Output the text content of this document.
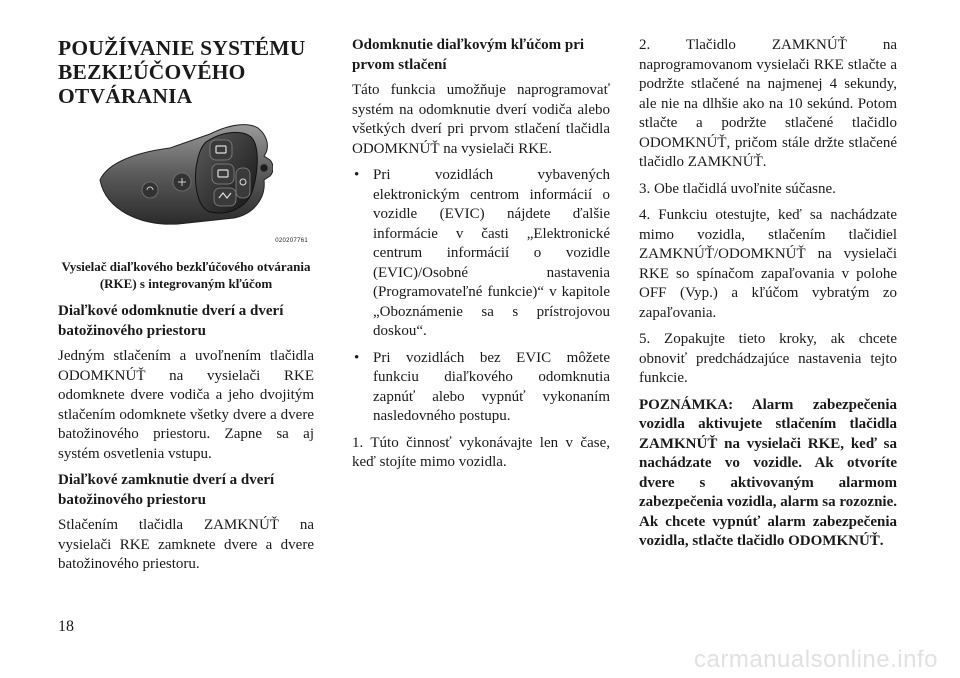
POUŽÍVANIE SYSTÉMU BEZKĽÚČOVÉHO OTVÁRANIA
020207761
Vysielač diaľkového bezkľúčového otvárania (RKE) s integrovaným kľúčom
Diaľkové odomknutie dverí a dverí batožinového priestoru

Jedným stlačením a uvoľnením tlačidla ODOMKNÚŤ na vysielači RKE odomknete dvere vodiča a jeho dvojitým stlačením odomknete všetky dvere a dvere batožinového priestoru. Zapne sa aj systém osvetlenia vstupu.

Diaľkové zamknutie dverí a dverí batožinového priestoru

Stlačením tlačidla ZAMKNÚŤ na vysielači RKE zamknete dvere a dvere batožinového priestoru.

Odomknutie diaľkovým kľúčom pri prvom stlačení

Táto funkcia umožňuje naprogramovať systém na odomknutie dverí vodiča alebo všetkých dverí pri prvom stlačení tlačidla ODOMKNÚŤ na vysielači RKE.

• Pri vozidlách vybavených elektronickým centrom informácií o vozidle (EVIC) nájdete ďalšie informácie v časti „Elektronické centrum informácií o vozidle (EVIC)/Osobné nastavenia (Programovateľné funkcie)“ v kapitole „Oboznámenie sa s prístrojovou doskou“.

• Pri vozidlách bez EVIC môžete funkciu diaľkového odomknutia zapnúť alebo vypnúť vykonaním nasledovného postupu.

1. Túto činnosť vykonávajte len v čase, keď stojíte mimo vozidla.

2. Tlačidlo ZAMKNÚŤ na naprogramovanom vysielači RKE stlačte a podržte stlačené na najmenej 4 sekundy, ale nie na dlhšie ako na 10 sekúnd. Potom stlačte a podržte stlačené tlačidlo ODOMKNÚŤ, pričom stále držte stlačené tlačidlo ZAMKNÚŤ.

3. Obe tlačidlá uvoľnite súčasne.

4. Funkciu otestujte, keď sa nachádzate mimo vozidla, stlačením tlačidiel ZAMKNÚŤ/ODOMKNÚŤ na vysielači RKE so spínačom zapaľovania v polohe OFF (Vyp.) a kľúčom vybratým zo zapaľovania.

5. Zopakujte tieto kroky, ak chcete obnoviť predchádzajúce nastavenia tejto funkcie.

POZNÁMKA: Alarm zabezpečenia vozidla aktivujete stlačením tlačidla ZAMKNÚŤ na vysielači RKE, keď sa nachádzate vo vozidle. Ak otvoríte dvere s aktivovaným alarmom zabezpečenia vozidla, alarm sa rozoznie. Ak chcete vypnúť alarm zabezpečenia vozidla, stlačte tlačidlo ODOMKNÚŤ.

18
carmanualsonline.info
